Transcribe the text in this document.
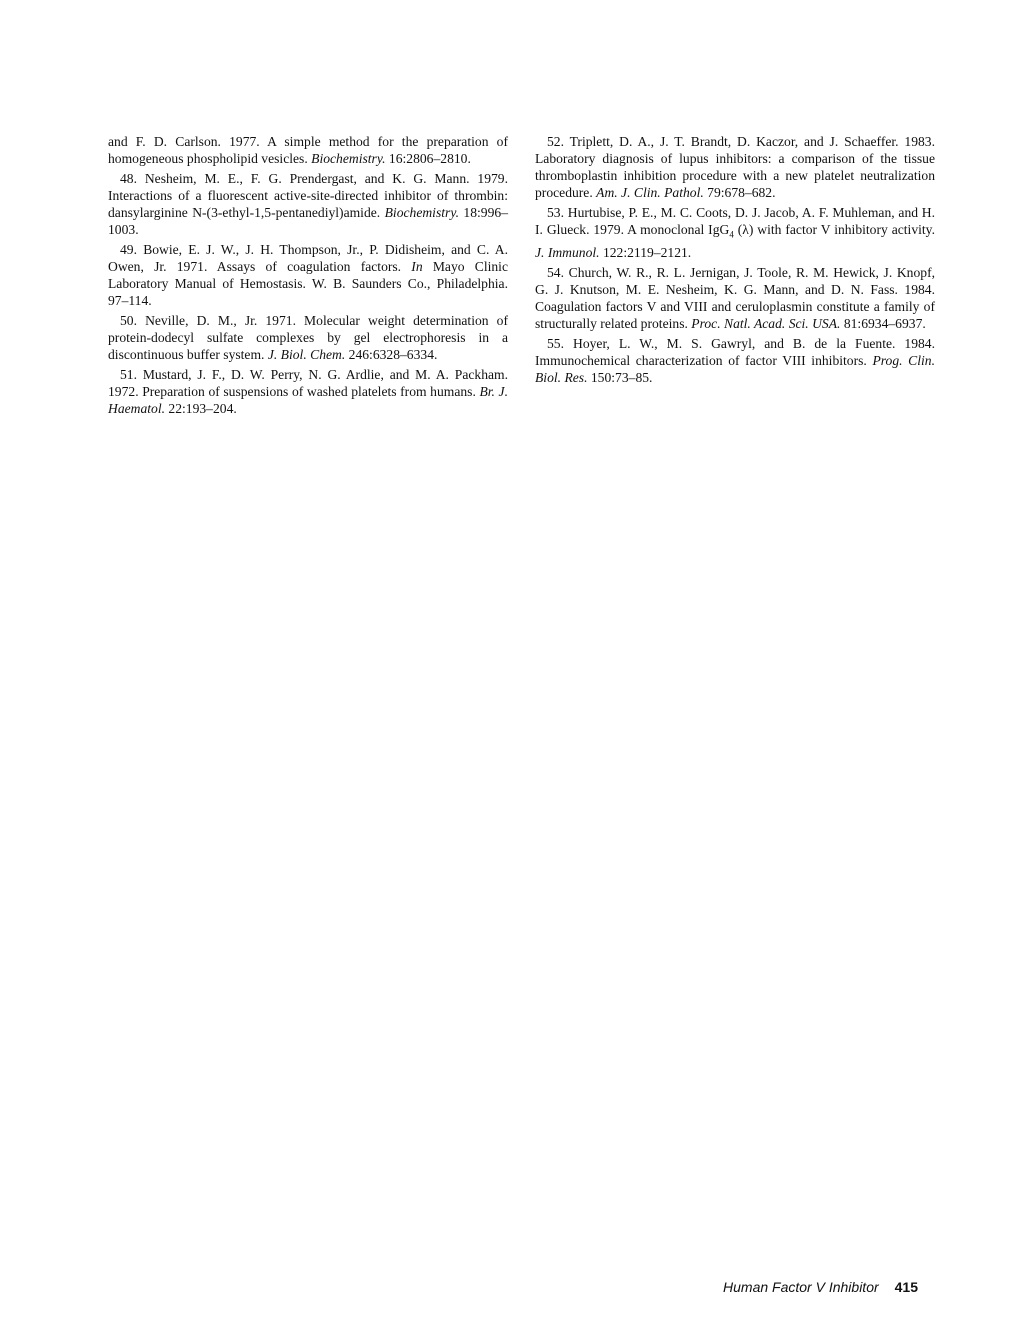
and F. D. Carlson. 1977. A simple method for the preparation of homogeneous phospholipid vesicles. Biochemistry. 16:2806–2810.

48. Nesheim, M. E., F. G. Prendergast, and K. G. Mann. 1979. Interactions of a fluorescent active-site-directed inhibitor of thrombin: dansylarginine N-(3-ethyl-1,5-pentanediyl)amide. Biochemistry. 18:996–1003.

49. Bowie, E. J. W., J. H. Thompson, Jr., P. Didisheim, and C. A. Owen, Jr. 1971. Assays of coagulation factors. In Mayo Clinic Laboratory Manual of Hemostasis. W. B. Saunders Co., Philadelphia. 97–114.

50. Neville, D. M., Jr. 1971. Molecular weight determination of protein-dodecyl sulfate complexes by gel electrophoresis in a discontinuous buffer system. J. Biol. Chem. 246:6328–6334.

51. Mustard, J. F., D. W. Perry, N. G. Ardlie, and M. A. Packham. 1972. Preparation of suspensions of washed platelets from humans. Br. J. Haematol. 22:193–204.

52. Triplett, D. A., J. T. Brandt, D. Kaczor, and J. Schaeffer. 1983. Laboratory diagnosis of lupus inhibitors: a comparison of the tissue thromboplastin inhibition procedure with a new platelet neutralization procedure. Am. J. Clin. Pathol. 79:678–682.

53. Hurtubise, P. E., M. C. Coots, D. J. Jacob, A. F. Muhleman, and H. I. Glueck. 1979. A monoclonal IgG$_4$ (λ) with factor V inhibitory activity. J. Immunol. 122:2119–2121.

54. Church, W. R., R. L. Jernigan, J. Toole, R. M. Hewick, J. Knopf, G. J. Knutson, M. E. Nesheim, K. G. Mann, and D. N. Fass. 1984. Coagulation factors V and VIII and ceruloplasmin constitute a family of structurally related proteins. Proc. Natl. Acad. Sci. USA. 81:6934–6937.

55. Hoyer, L. W., M. S. Gawryl, and B. de la Fuente. 1984. Immunochemical characterization of factor VIII inhibitors. Prog. Clin. Biol. Res. 150:73–85.

Human Factor V Inhibitor 415
